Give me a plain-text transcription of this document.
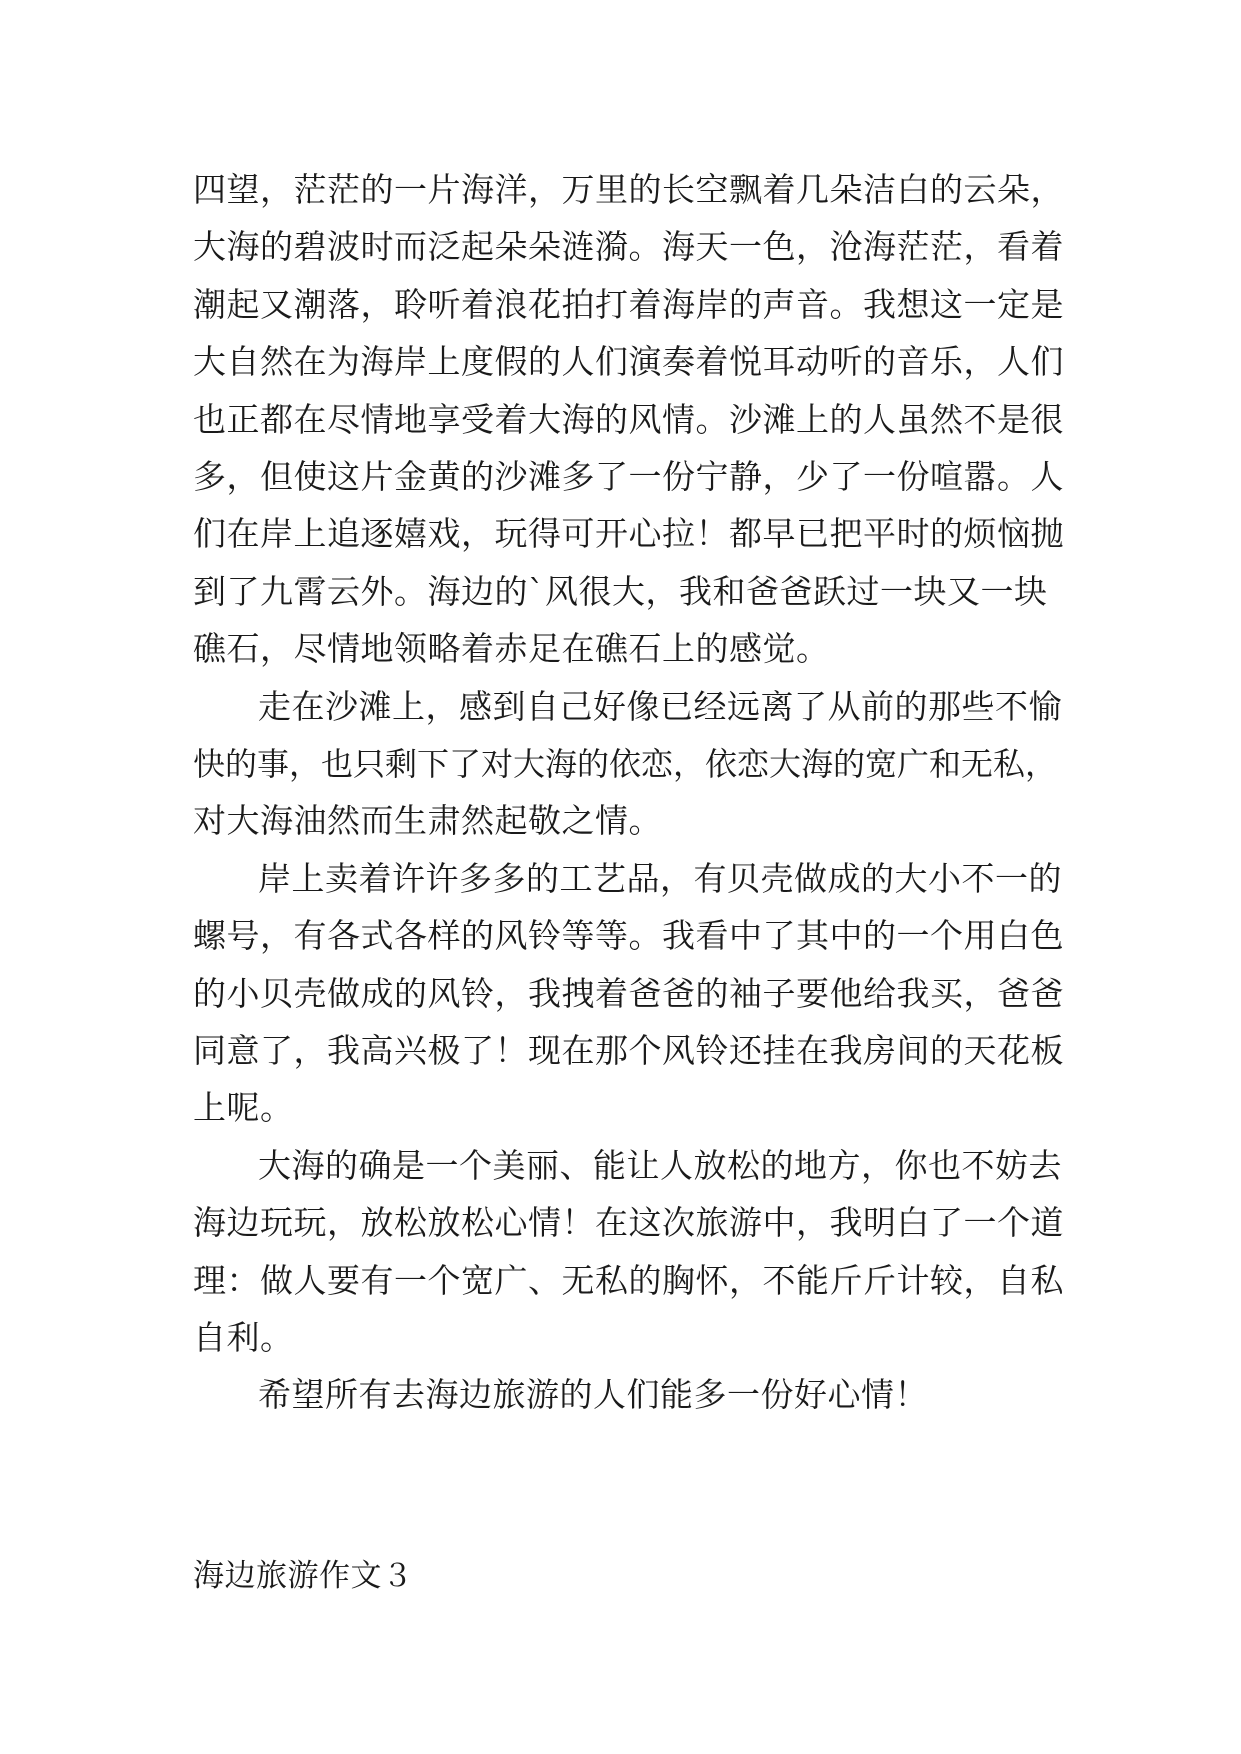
四望，茫茫的一片海洋，万里的长空飘着几朵洁白的云朵，
大海的碧波时而泛起朵朵涟漪。海天一色，沧海茫茫，看着
潮起又潮落，聆听着浪花拍打着海岸的声音。我想这一定是
大自然在为海岸上度假的人们演奏着悦耳动听的音乐，人们
也正都在尽情地享受着大海的风情。沙滩上的人虽然不是很
多，但使这片金黄的沙滩多了一份宁静，少了一份喧嚣。人
们在岸上追逐嬉戏，玩得可开心拉！都早已把平时的烦恼抛
到了九霄云外。海边的`风很大，我和爸爸跃过一块又一块
礁石，尽情地领略着赤足在礁石上的感觉。
走在沙滩上，感到自己好像已经远离了从前的那些不愉
快的事，也只剩下了对大海的依恋，依恋大海的宽广和无私，
对大海油然而生肃然起敬之情。
岸上卖着许许多多的工艺品，有贝壳做成的大小不一的
螺号，有各式各样的风铃等等。我看中了其中的一个用白色
的小贝壳做成的风铃，我拽着爸爸的袖子要他给我买，爸爸
同意了，我高兴极了！现在那个风铃还挂在我房间的天花板
上呢。
大海的确是一个美丽、能让人放松的地方，你也不妨去
海边玩玩，放松放松心情！在这次旅游中，我明白了一个道
理：做人要有一个宽广、无私的胸怀，不能斤斤计较，自私
自利。
希望所有去海边旅游的人们能多一份好心情！
海边旅游作文３
